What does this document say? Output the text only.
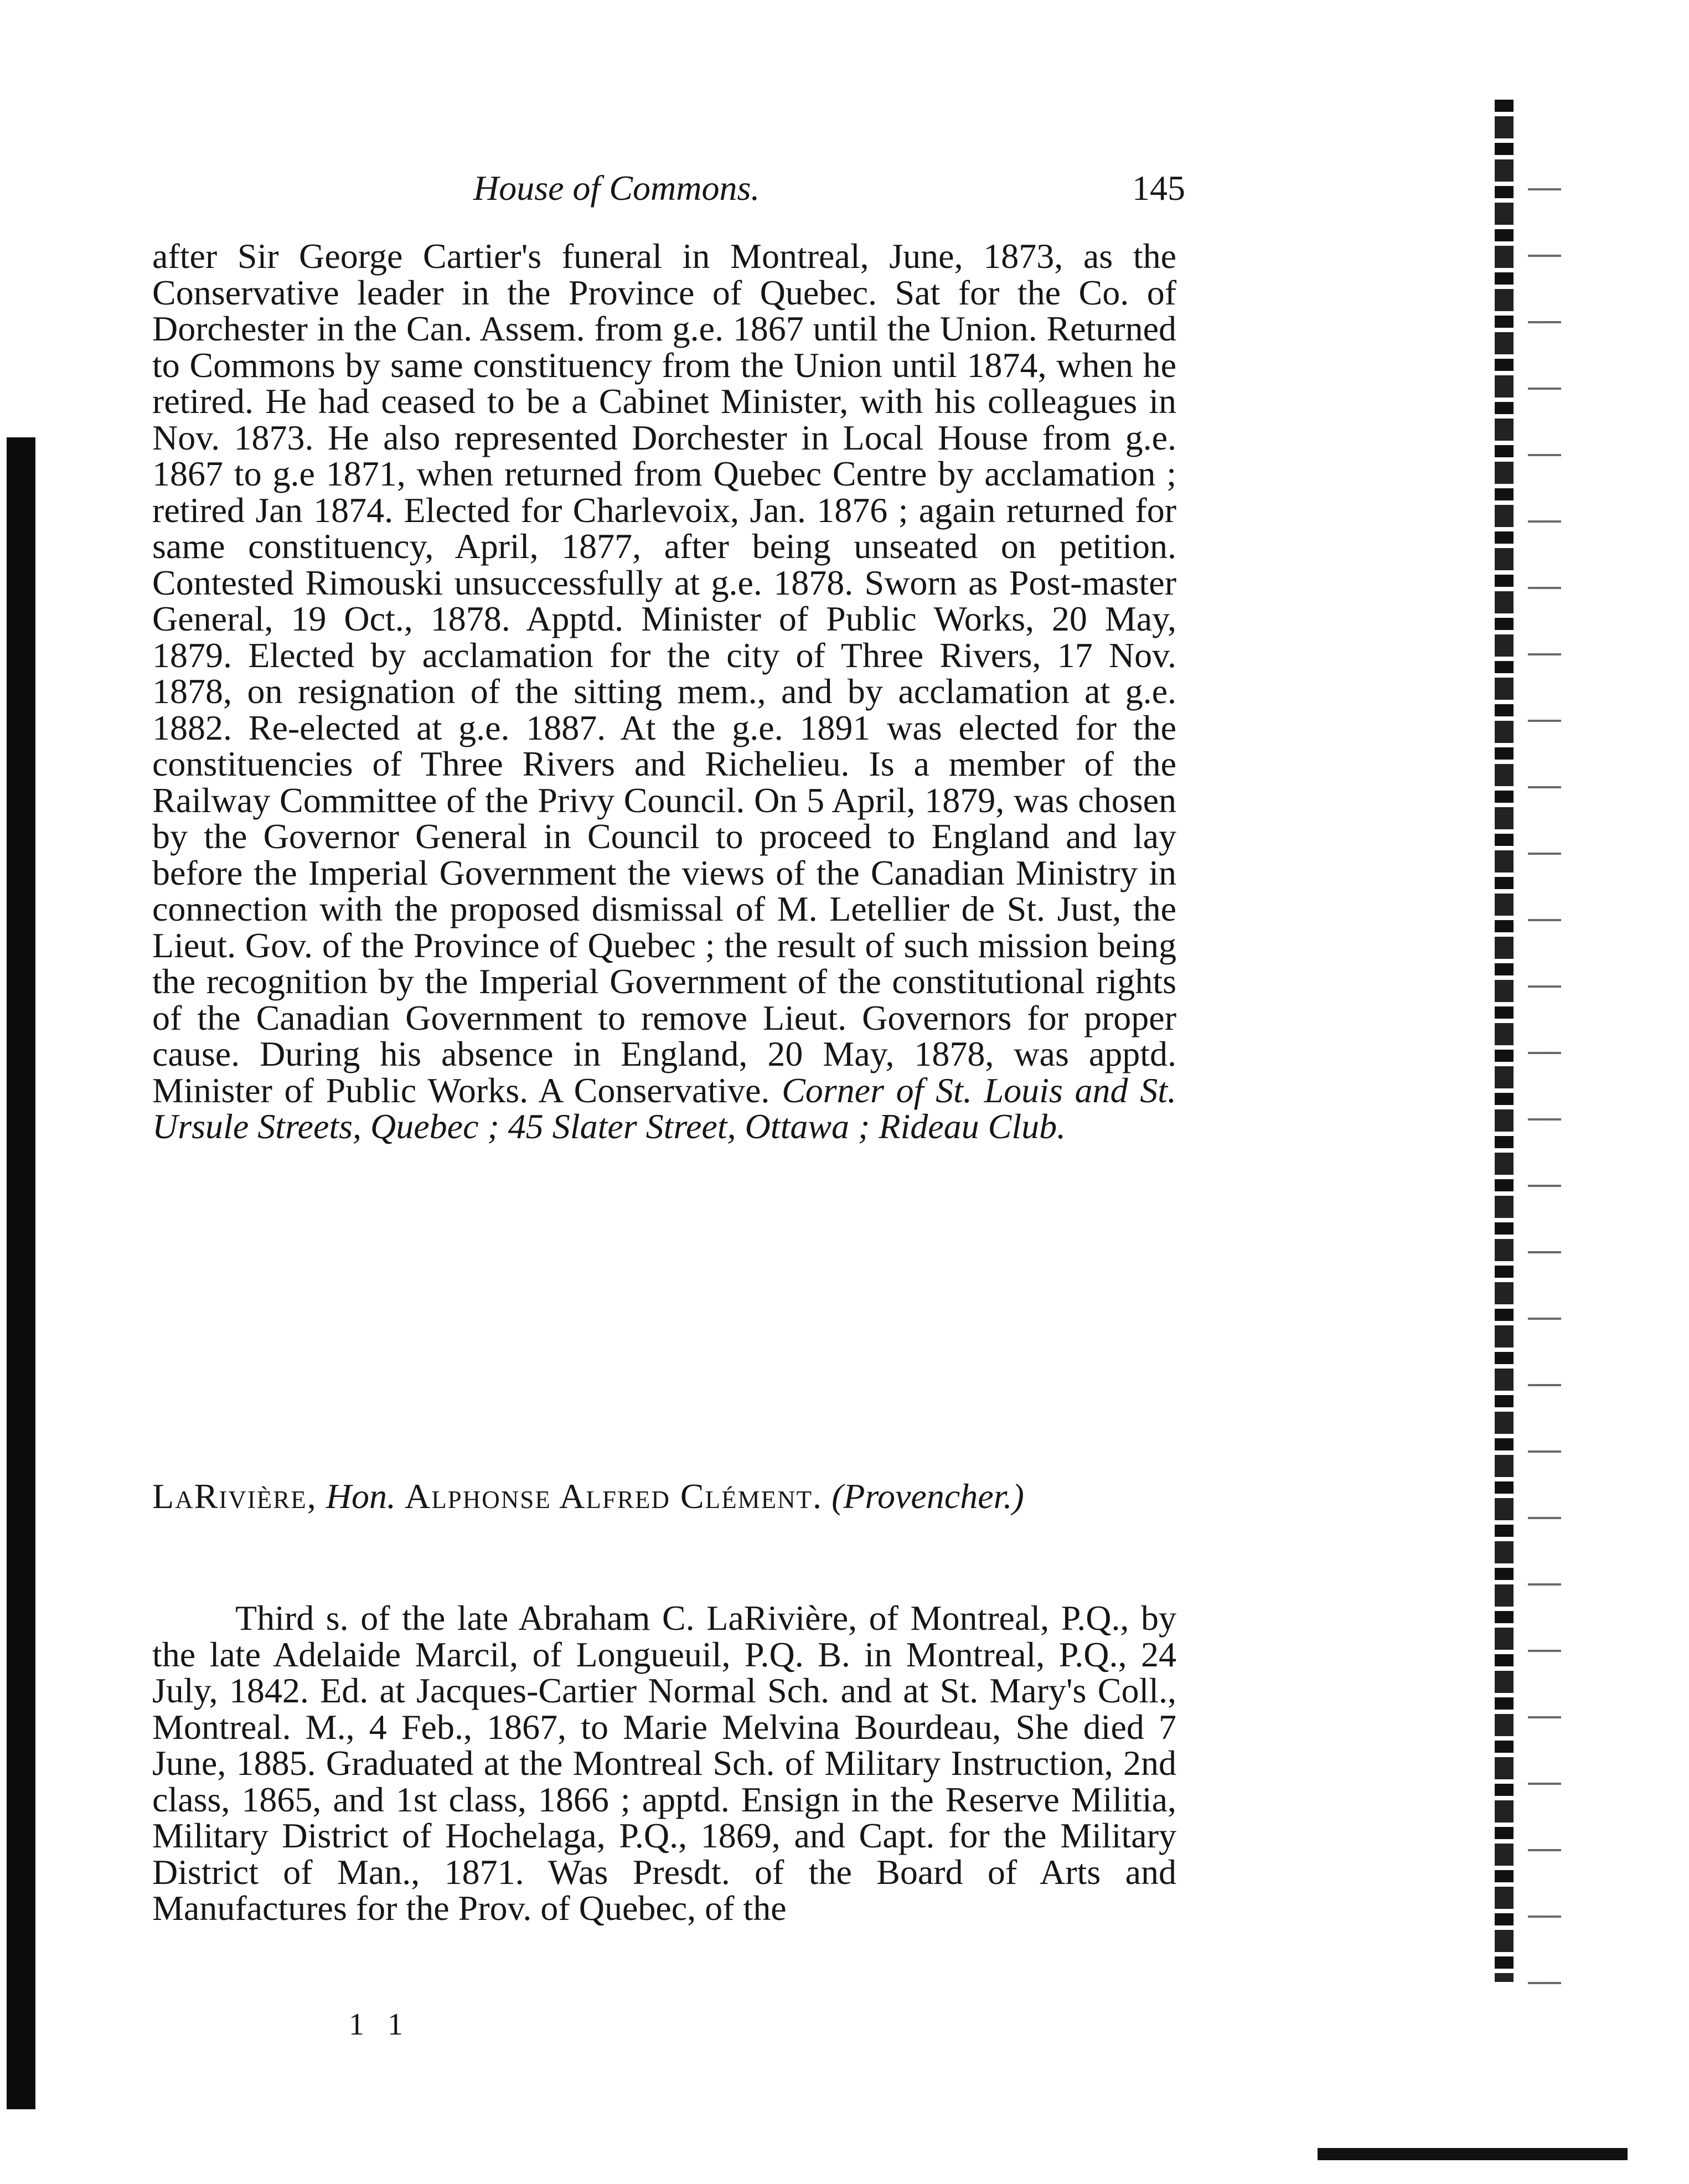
House of Commons.	145

after Sir George Cartier's funeral in Montreal, June, 1873, as the Conservative leader in the Province of Quebec. Sat for the Co. of Dorchester in the Can. Assem. from g.e. 1867 until the Union. Returned to Commons by same constituency from the Union until 1874, when he retired. He had ceased to be a Cabinet Minister, with his colleagues in Nov. 1873. He also represented Dorchester in Local House from g.e. 1867 to g.e 1871, when returned from Quebec Centre by acclamation ; retired Jan 1874. Elected for Charlevoix, Jan. 1876 ; again returned for same constituency, April, 1877, after being unseated on petition. Contested Rimouski unsuccessfully at g.e. 1878. Sworn as Post-master General, 19 Oct., 1878. Apptd. Minister of Public Works, 20 May, 1879. Elected by acclamation for the city of Three Rivers, 17 Nov. 1878, on resignation of the sitting mem., and by acclamation at g.e. 1882. Re-elected at g.e. 1887. At the g.e. 1891 was elected for the constituencies of Three Rivers and Richelieu. Is a member of the Railway Committee of the Privy Council. On 5 April, 1879, was chosen by the Governor General in Council to proceed to England and lay before the Imperial Government the views of the Canadian Ministry in connection with the proposed dismissal of M. Letellier de St. Just, the Lieut. Gov. of the Province of Quebec ; the result of such mission being the recognition by the Imperial Government of the constitutional rights of the Canadian Government to remove Lieut. Governors for proper cause. During his absence in England, 20 May, 1878, was apptd. Minister of Public Works. A Conservative. Corner of St. Louis and St. Ursule Streets, Quebec ; 45 Slater Street, Ottawa ; Rideau Club.

LaRivière, Hon. Alphonse Alfred Clément. (Provencher.)

Third s. of the late Abraham C. LaRivière, of Montreal, P.Q., by the late Adelaide Marcil, of Longueuil, P.Q. B. in Montreal, P.Q., 24 July, 1842. Ed. at Jacques-Cartier Normal Sch. and at St. Mary's Coll., Montreal. M., 4 Feb., 1867, to Marie Melvina Bourdeau, She died 7 June, 1885. Graduated at the Montreal Sch. of Military Instruction, 2nd class, 1865, and 1st class, 1866 ; apptd. Ensign in the Reserve Militia, Military District of Hochelaga, P.Q., 1869, and Capt. for the Military District of Man., 1871. Was Presdt. of the Board of Arts and Manufactures for the Prov. of Quebec, of the

1 1
